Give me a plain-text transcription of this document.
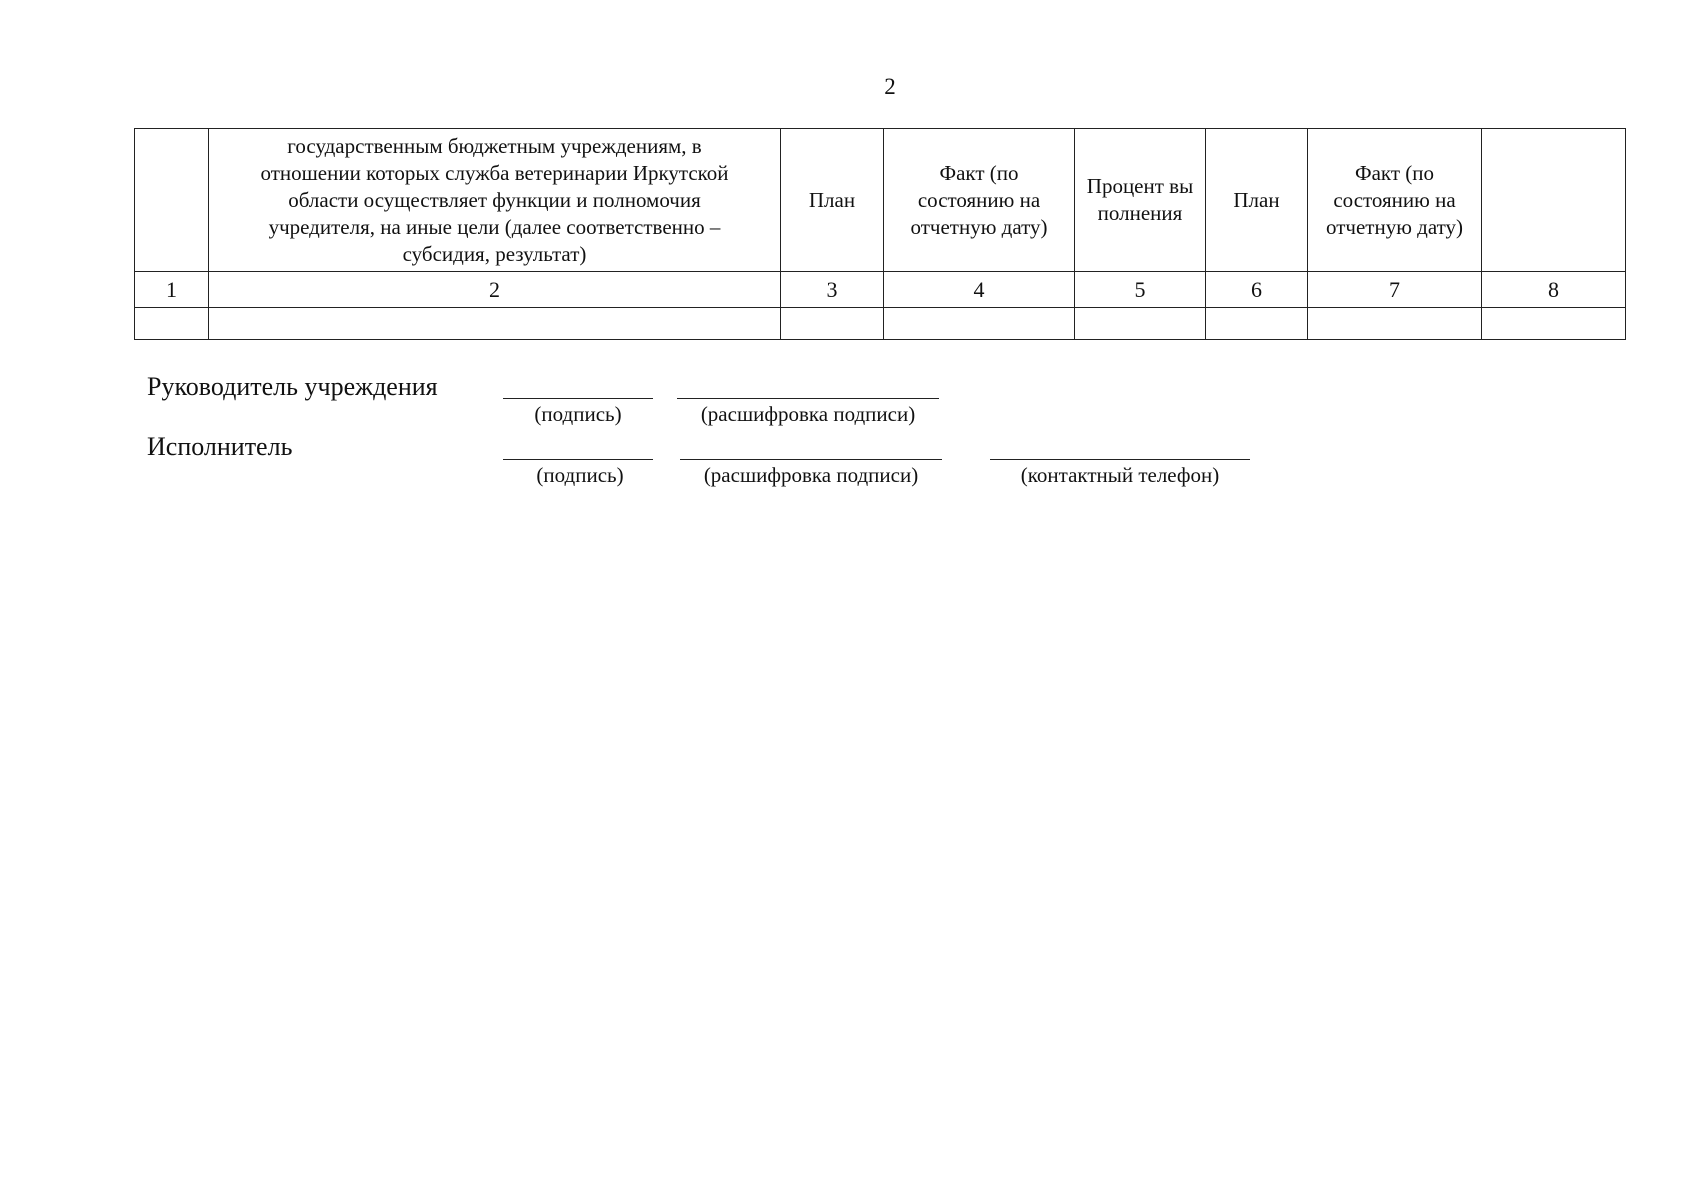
2

	государственным бюджетным учреждениям, в отношении которых служба ветеринарии Иркутской области осуществляет функции и полномочия учредителя, на иные цели (далее соответственно – субсидия, результат)	План	Факт (по состоянию на отчетную дату)	Процент выполнения	План	Факт (по состоянию на отчетную дату)	
1	2	3	4	5	6	7	8

Руководитель учреждения
(подпись)	(расшифровка подписи)
Исполнитель
(подпись)	(расшифровка подписи)	(контактный телефон)
